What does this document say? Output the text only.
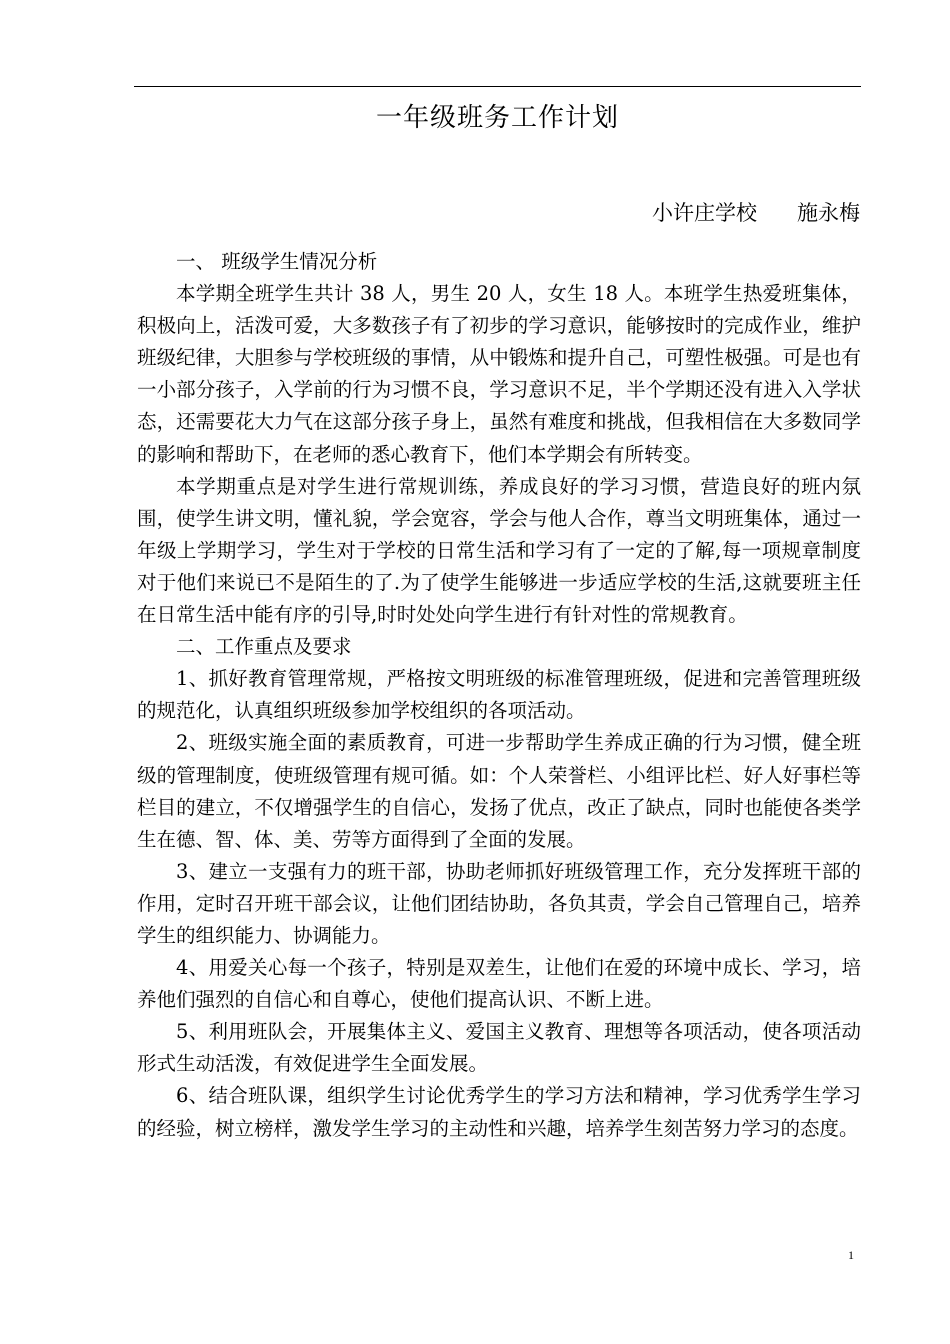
一年级班务工作计划
小许庄学校 施永梅

一、 班级学生情况分析

本学期全班学生共计 38 人，男生 20 人，女生 18 人。本班学生热爱班集体，积极向上，活泼可爱，大多数孩子有了初步的学习意识，能够按时的完成作业，维护班级纪律，大胆参与学校班级的事情，从中锻炼和提升自己，可塑性极强。可是也有一小部分孩子，入学前的行为习惯不良，学习意识不足，半个学期还没有进入入学状态，还需要花大力气在这部分孩子身上，虽然有难度和挑战，但我相信在大多数同学的影响和帮助下，在老师的悉心教育下，他们本学期会有所转变。

本学期重点是对学生进行常规训练，养成良好的学习习惯，营造良好的班内氛围，使学生讲文明，懂礼貌，学会宽容，学会与他人合作，尊当文明班集体，通过一年级上学期学习，学生对于学校的日常生活和学习有了一定的了解,每一项规章制度对于他们来说已不是陌生的了.为了使学生能够进一步适应学校的生活,这就要班主任在日常生活中能有序的引导,时时处处向学生进行有针对性的常规教育。

二、工作重点及要求

1、抓好教育管理常规，严格按文明班级的标准管理班级，促进和完善管理班级的规范化，认真组织班级参加学校组织的各项活动。

2、班级实施全面的素质教育，可进一步帮助学生养成正确的行为习惯，健全班级的管理制度，使班级管理有规可循。如：个人荣誉栏、小组评比栏、好人好事栏等栏目的建立，不仅增强学生的自信心，发扬了优点，改正了缺点，同时也能使各类学生在德、智、体、美、劳等方面得到了全面的发展。

3、建立一支强有力的班干部，协助老师抓好班级管理工作，充分发挥班干部的作用，定时召开班干部会议，让他们团结协助，各负其责，学会自己管理自己，培养学生的组织能力、协调能力。

4、用爱关心每一个孩子，特别是双差生，让他们在爱的环境中成长、学习，培养他们强烈的自信心和自尊心，使他们提高认识、不断上进。

5、利用班队会，开展集体主义、爱国主义教育、理想等各项活动，使各项活动形式生动活泼，有效促进学生全面发展。

6、结合班队课，组织学生讨论优秀学生的学习方法和精神，学习优秀学生学习的经验，树立榜样，激发学生学习的主动性和兴趣，培养学生刻苦努力学习的态度。

1
